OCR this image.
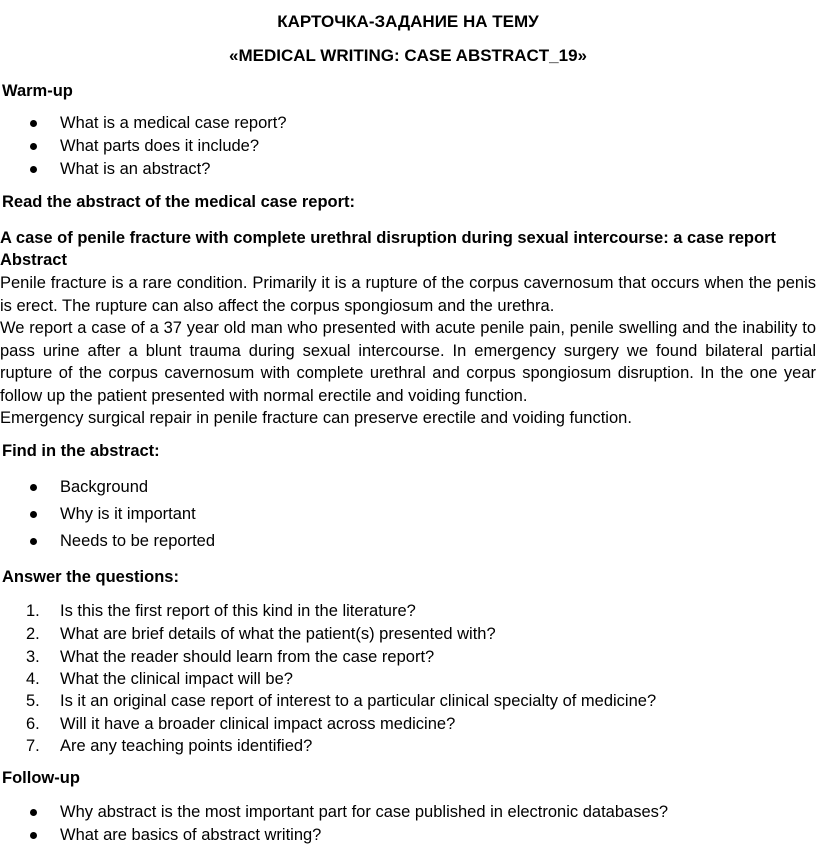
КАРТОЧКА-ЗАДАНИЕ НА ТЕМУ
«MEDICAL WRITING: CASE ABSTRACT_19»
Warm-up
What is a medical case report?
What parts does it include?
What is an abstract?
Read the abstract of the medical case report:
A case of penile fracture with complete urethral disruption during sexual intercourse: a case report
Abstract
Penile fracture is a rare condition. Primarily it is a rupture of the corpus cavernosum that occurs when the penis is erect. The rupture can also affect the corpus spongiosum and the urethra.
We report a case of a 37 year old man who presented with acute penile pain, penile swelling and the inability to pass urine after a blunt trauma during sexual intercourse. In emergency surgery we found bilateral partial rupture of the corpus cavernosum with complete urethral and corpus spongiosum disruption. In the one year follow up the patient presented with normal erectile and voiding function.
Emergency surgical repair in penile fracture can preserve erectile and voiding function.
Find in the abstract:
Background
Why is it important
Needs to be reported
Answer the questions:
1.	Is this the first report of this kind in the literature?
2.	What are brief details of what the patient(s) presented with?
3.	What the reader should learn from the case report?
4.	What the clinical impact will be?
5.	Is it an original case report of interest to a particular clinical specialty of medicine?
6.	Will it have a broader clinical impact across medicine?
7.	Are any teaching points identified?
Follow-up
Why abstract is the most important part for case published in electronic databases?
What are basics of abstract writing?
